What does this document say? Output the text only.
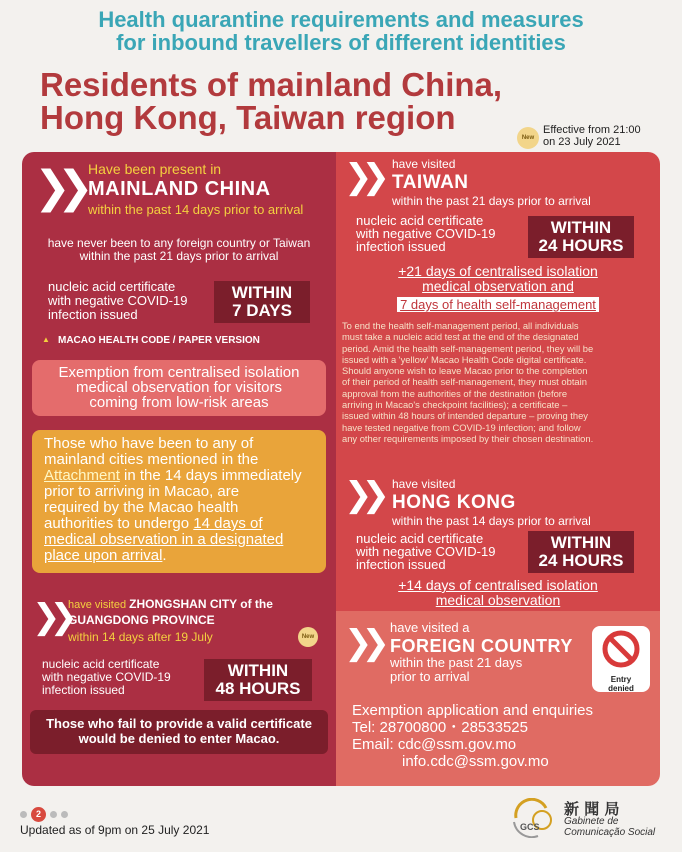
Health quarantine requirements and measures
for inbound travellers of different identities
Residents of mainland China,
Hong Kong, Taiwan region
New
Effective from 21:00
on 23 July 2021
❯❯ Have been present in
MAINLAND CHINA
within the past 14 days prior to arrival
have never been to any foreign country or Taiwan
within the past 21 days prior to arrival
nucleic acid certificate
with negative COVID-19
infection issued
WITHIN
7 DAYS
▲ MACAO HEALTH CODE / PAPER VERSION
Exemption from centralised isolation
medical observation for visitors
coming from low-risk areas
Those who have been to any of
mainland cities mentioned in the
Attachment in the 14 days immediately
prior to arriving in Macao, are
required by the Macao health
authorities to undergo 14 days of
medical observation in a designated
place upon arrival.
❯❯ have visited ZHONGSHAN CITY of the
GUANGDONG PROVINCE
within 14 days after 19 July	New
nucleic acid certificate
with negative COVID-19
infection issued
WITHIN
48 HOURS
Those who fail to provide a valid certificate
would be denied to enter Macao.
❯❯ have visited
TAIWAN
within the past 21 days prior to arrival
nucleic acid certificate
with negative COVID-19
infection issued
WITHIN
24 HOURS
+21 days of centralised isolation
medical observation and
7 days of health self-management
To end the health self-management period, all individuals
must take a nucleic acid test at the end of the designated
period. Amid the health self-management period, they will be
issued with a 'yellow' Macao Health Code digital certificate.
Should anyone wish to leave Macao prior to the completion
of their period of health self-management, they must obtain
approval from the authorities of the destination (before
arriving in Macao's checkpoint facilities); a certificate –
issued within 48 hours of intended departure – proving they
have tested negative from COVID-19 infection; and follow
any other requirements imposed by their chosen destination.
❯❯ have visited
HONG KONG
within the past 14 days prior to arrival
nucleic acid certificate
with negative COVID-19
infection issued
WITHIN
24 HOURS
+14 days of centralised isolation
medical observation
❯❯ have visited a
FOREIGN COUNTRY
within the past 21 days
prior to arrival	Entry
denied
Exemption application and enquiries
Tel: 28700800・28533525
Email: cdc@ssm.gov.mo
info.cdc@ssm.gov.mo
2
Updated as of 9pm on 25 July 2021	GCS
新 聞 局
Gabinete de
Comunicação Social
